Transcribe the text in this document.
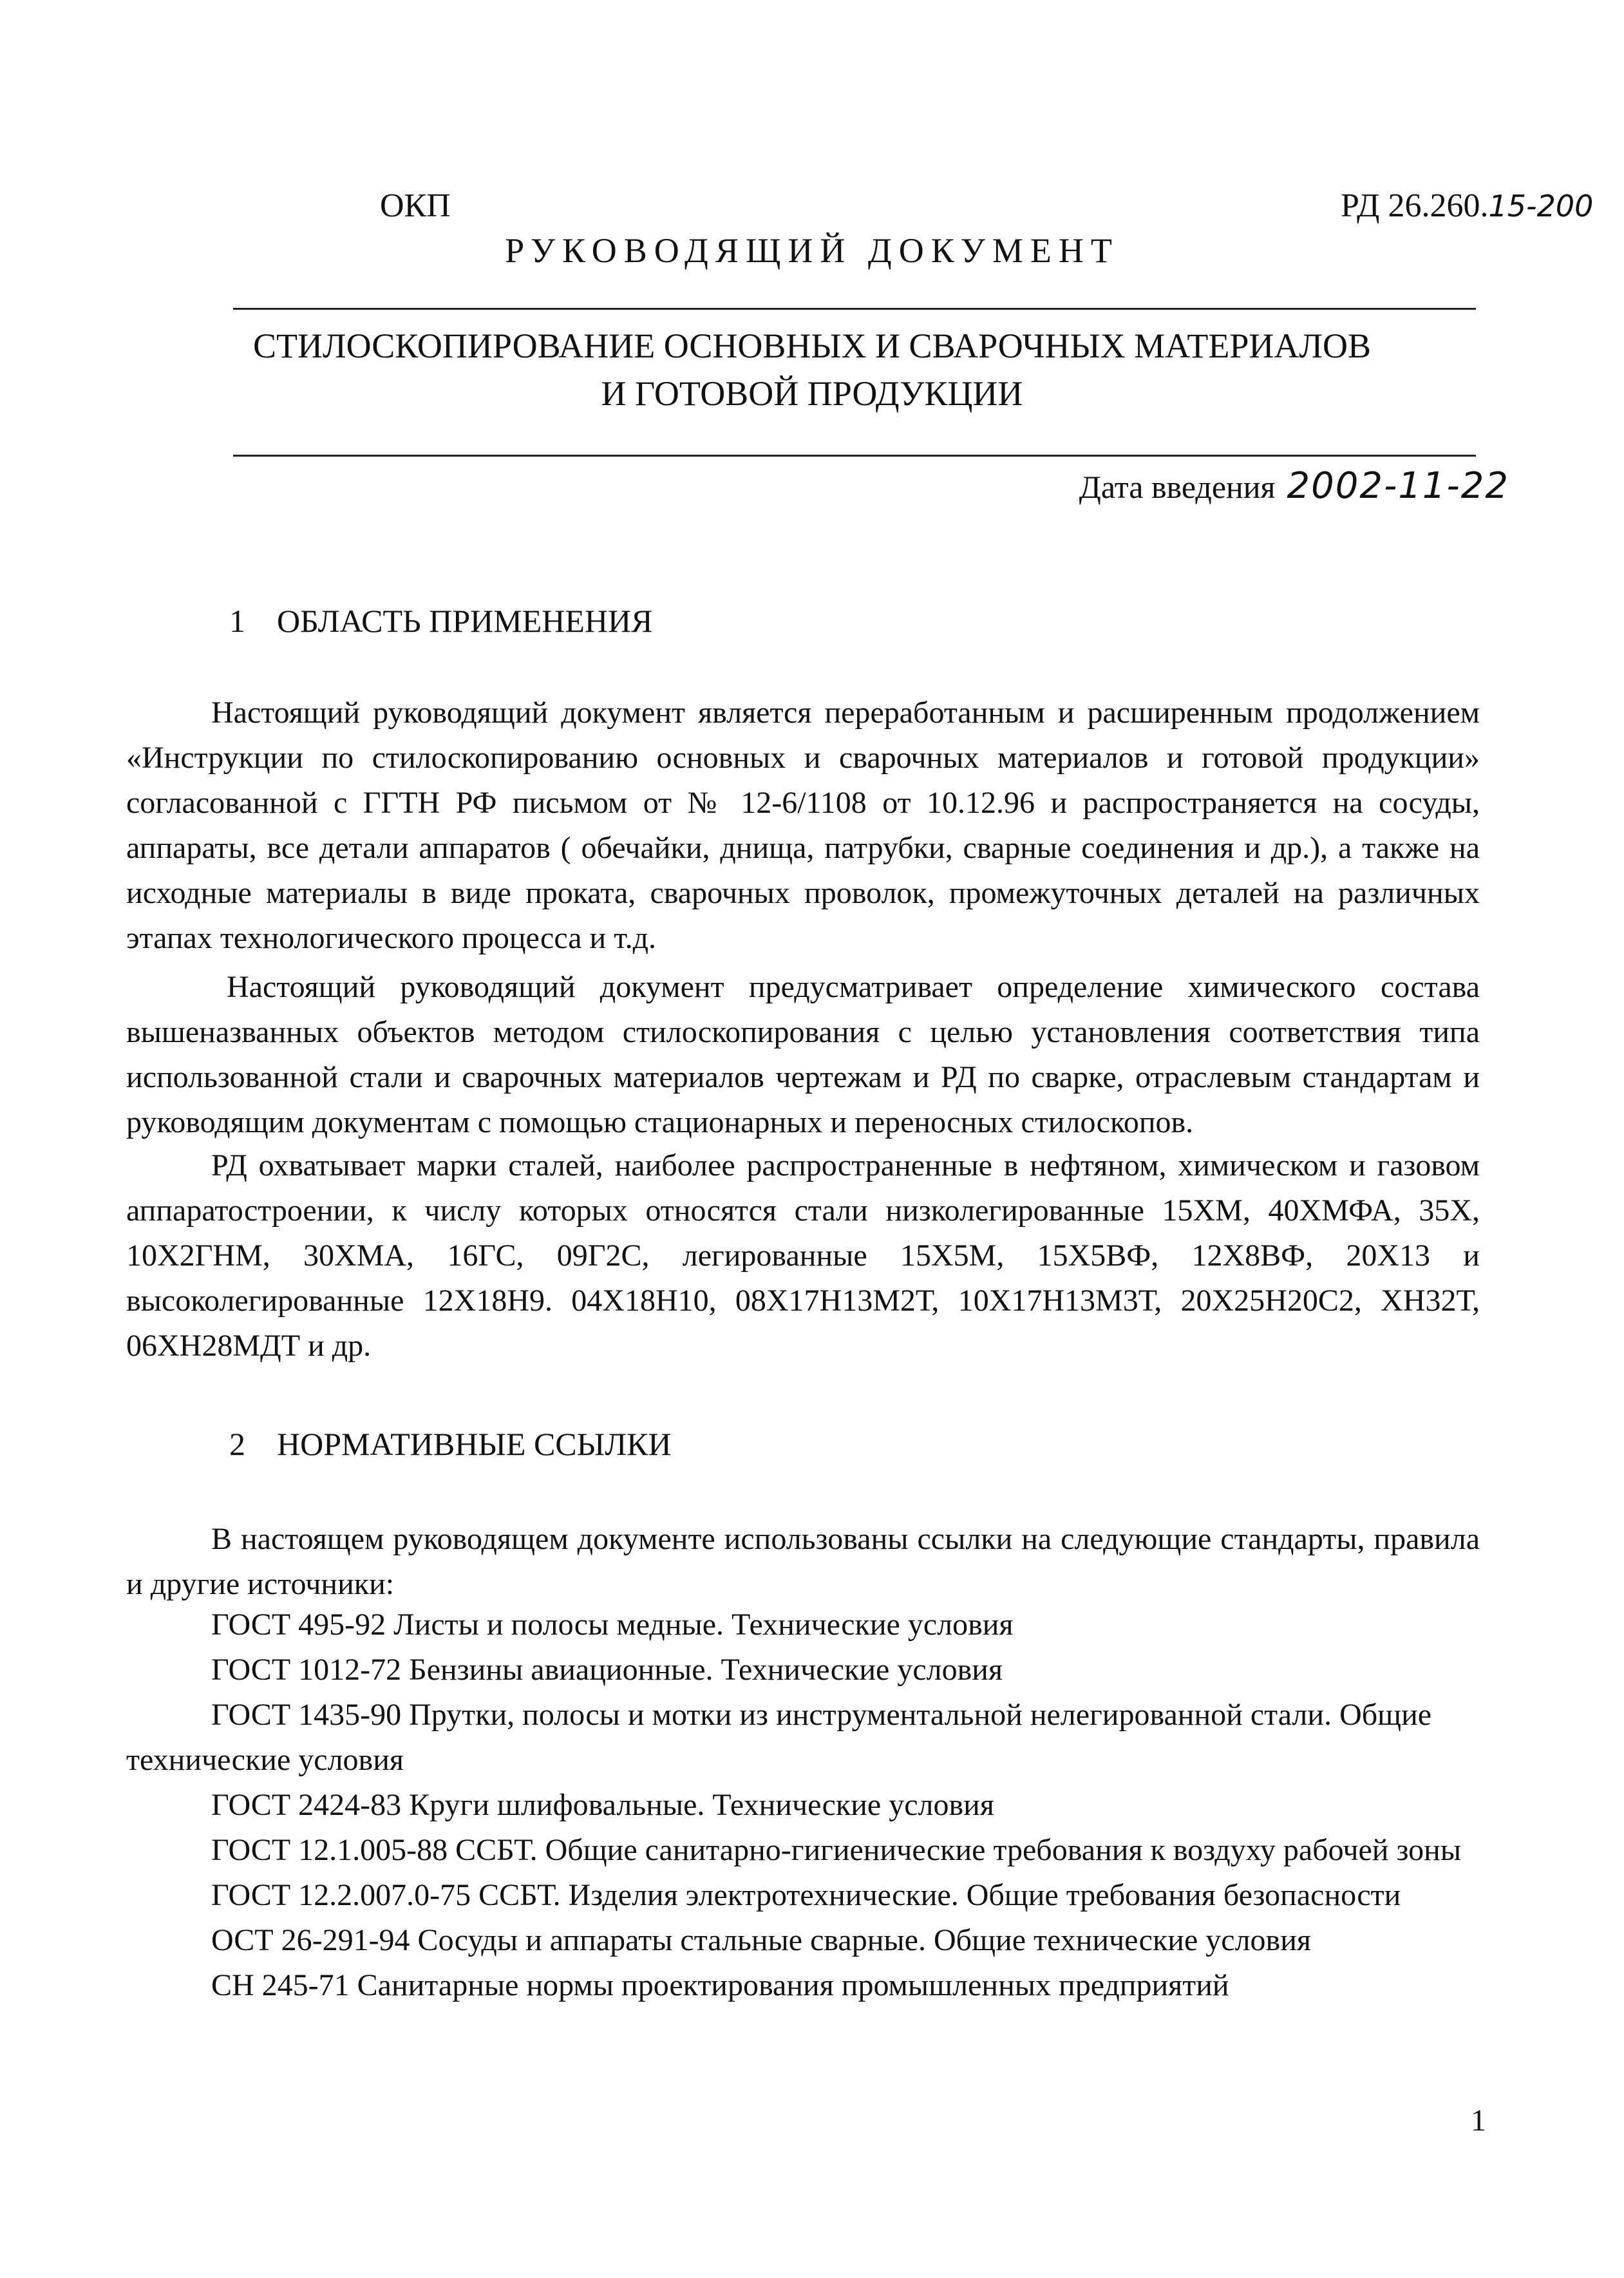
ОКП	РД 26.260.15-200
РУКОВОДЯЩИЙ ДОКУМЕНТ
СТИЛОСКОПИРОВАНИЕ ОСНОВНЫХ И СВАРОЧНЫХ МАТЕРИАЛОВ
И ГОТОВОЙ ПРОДУКЦИИ
Дата введения 2002-11-22
1 ОБЛАСТЬ ПРИМЕНЕНИЯ

Настоящий руководящий документ является переработанным и расширенным продолжением «Инструкции по стилоскопированию основных и сварочных материалов и готовой продукции» согласованной с ГГТН РФ письмом от № 12-6/1108 от 10.12.96 и распространяется на сосуды, аппараты, все детали аппаратов ( обечайки, днища, патрубки, сварные соединения и др.), а также на исходные материалы в виде проката, сварочных проволок, промежуточных деталей на различных этапах технологического процесса и т.д.

Настоящий руководящий документ предусматривает определение химического состава вышеназванных объектов методом стилоскопирования с целью установления соответствия типа использованной стали и сварочных материалов чертежам и РД по сварке, отраслевым стандартам и руководящим документам с помощью стационарных и переносных стилоскопов.

РД охватывает марки сталей, наиболее распространенные в нефтяном, химическом и газовом аппаратостроении, к числу которых относятся стали низколегированные 15ХМ, 40ХМФА, 35Х, 10Х2ГНМ, 30ХМА, 16ГС, 09Г2С, легированные 15Х5М, 15Х5ВФ, 12Х8ВФ, 20Х13 и высоколегированные 12Х18Н9. 04Х18Н10, 08Х17Н13М2Т, 10Х17Н13М3Т, 20Х25Н20С2, ХН32Т, 06ХН28МДТ и др.

2 НОРМАТИВНЫЕ ССЫЛКИ

В настоящем руководящем документе использованы ссылки на следующие стандарты, правила и другие источники:

ГОСТ 495-92 Листы и полосы медные. Технические условия
ГОСТ 1012-72 Бензины авиационные. Технические условия
ГОСТ 1435-90 Прутки, полосы и мотки из инструментальной нелегированной стали. Общие технические условия
ГОСТ 2424-83 Круги шлифовальные. Технические условия
ГОСТ 12.1.005-88 ССБТ. Общие санитарно-гигиенические требования к воздуху рабочей зоны
ГОСТ 12.2.007.0-75 ССБТ. Изделия электротехнические. Общие требования безопасности
ОСТ 26-291-94 Сосуды и аппараты стальные сварные. Общие технические условия
СН 245-71 Санитарные нормы проектирования промышленных предприятий
1
